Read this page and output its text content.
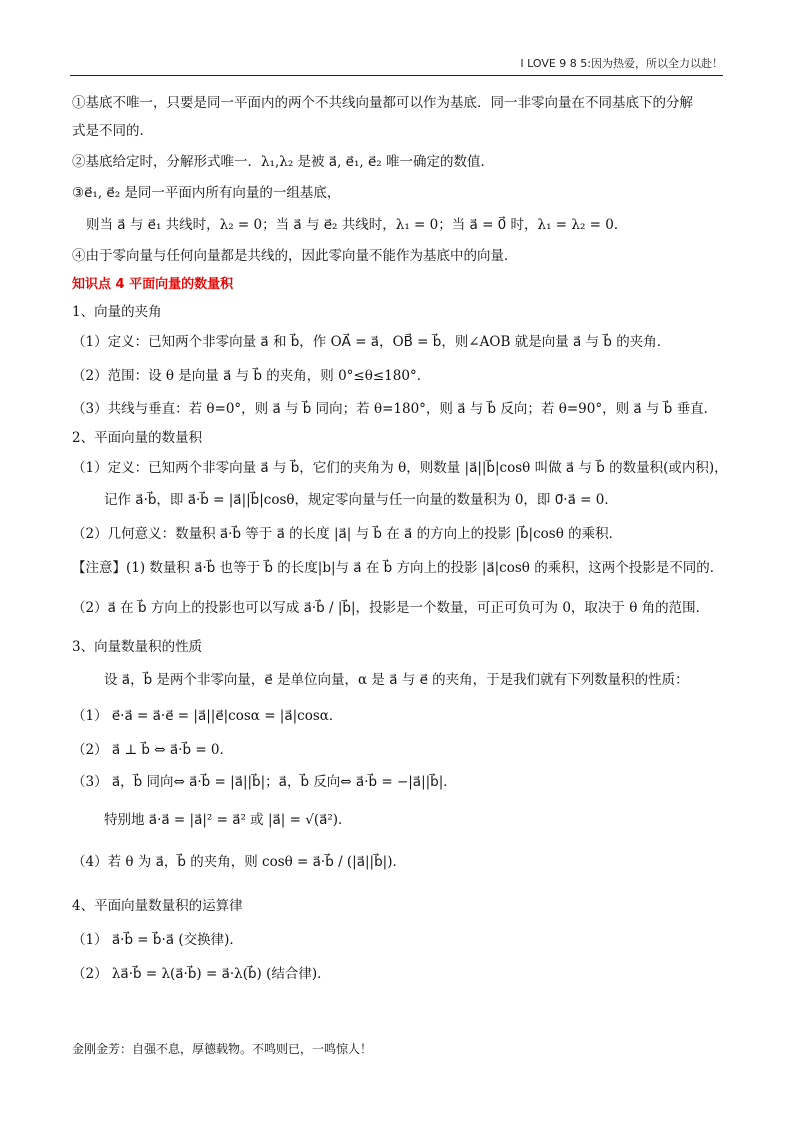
I LOVE 9 8 5:因为热爱，所以全力以赴！
①基底不唯一，只要是同一平面内的两个不共线向量都可以作为基底．同一非零向量在不同基底下的分解
式是不同的．
②基底给定时，分解形式唯一．λ₁,λ₂ 是被 a⃗, e⃗₁, e⃗₂ 唯一确定的数值．
③e⃗₁, e⃗₂ 是同一平面内所有向量的一组基底，
则当 a⃗ 与 e⃗₁ 共线时，λ₂ = 0；当 a⃗ 与 e⃗₂ 共线时，λ₁ = 0；当 a⃗ = 0⃗ 时，λ₁ = λ₂ = 0．
④由于零向量与任何向量都是共线的，因此零向量不能作为基底中的向量．
知识点 4 平面向量的数量积
1、向量的夹角
（1）定义：已知两个非零向量 a⃗ 和 b⃗，作 OA⃗ = a⃗，OB⃗ = b⃗，则∠AOB 就是向量 a⃗ 与 b⃗ 的夹角．
（2）范围：设 θ 是向量 a⃗ 与 b⃗ 的夹角，则 0°≤θ≤180°．
（3）共线与垂直：若 θ=0°，则 a⃗ 与 b⃗ 同向；若 θ=180°，则 a⃗ 与 b⃗ 反向；若 θ=90°，则 a⃗ 与 b⃗ 垂直．
2、平面向量的数量积
（1）定义：已知两个非零向量 a⃗ 与 b⃗，它们的夹角为 θ，则数量 |a⃗||b⃗|cosθ 叫做 a⃗ 与 b⃗ 的数量积(或内积)，
记作 a⃗·b⃗，即 a⃗·b⃗ = |a⃗||b⃗|cosθ，规定零向量与任一向量的数量积为 0，即 0⃗·a⃗ = 0．
（2）几何意义：数量积 a⃗·b⃗ 等于 a⃗ 的长度 |a⃗| 与 b⃗ 在 a⃗ 的方向上的投影 |b⃗|cosθ 的乘积．
【注意】(1) 数量积 a⃗·b⃗ 也等于 b⃗ 的长度|b|与 a⃗ 在 b⃗ 方向上的投影 |a⃗|cosθ 的乘积，这两个投影是不同的．
（2）a⃗ 在 b⃗ 方向上的投影也可以写成 a⃗·b⃗ / |b⃗|，投影是一个数量，可正可负可为 0，取决于 θ 角的范围．
3、向量数量积的性质
设 a⃗，b⃗ 是两个非零向量，e⃗ 是单位向量，α 是 a⃗ 与 e⃗ 的夹角，于是我们就有下列数量积的性质：
（1） e⃗·a⃗ = a⃗·e⃗ = |a⃗||e⃗|cosα = |a⃗|cosα．
（2） a⃗ ⊥ b⃗ ⇔ a⃗·b⃗ = 0．
（3） a⃗，b⃗ 同向⇔ a⃗·b⃗ = |a⃗||b⃗|；a⃗，b⃗ 反向⇔ a⃗·b⃗ = −|a⃗||b⃗|．
特别地 a⃗·a⃗ = |a⃗|² = a⃗² 或 |a⃗| = √(a⃗²)．
（4）若 θ 为 a⃗，b⃗ 的夹角，则 cosθ = a⃗·b⃗ / (|a⃗||b⃗|)．
4、平面向量数量积的运算律
（1） a⃗·b⃗ = b⃗·a⃗ (交换律)．
（2） λa⃗·b⃗ = λ(a⃗·b⃗) = a⃗·λ(b⃗) (结合律)．
金刚金芳：自强不息，厚德载物。不鸣则已，一鸣惊人！
